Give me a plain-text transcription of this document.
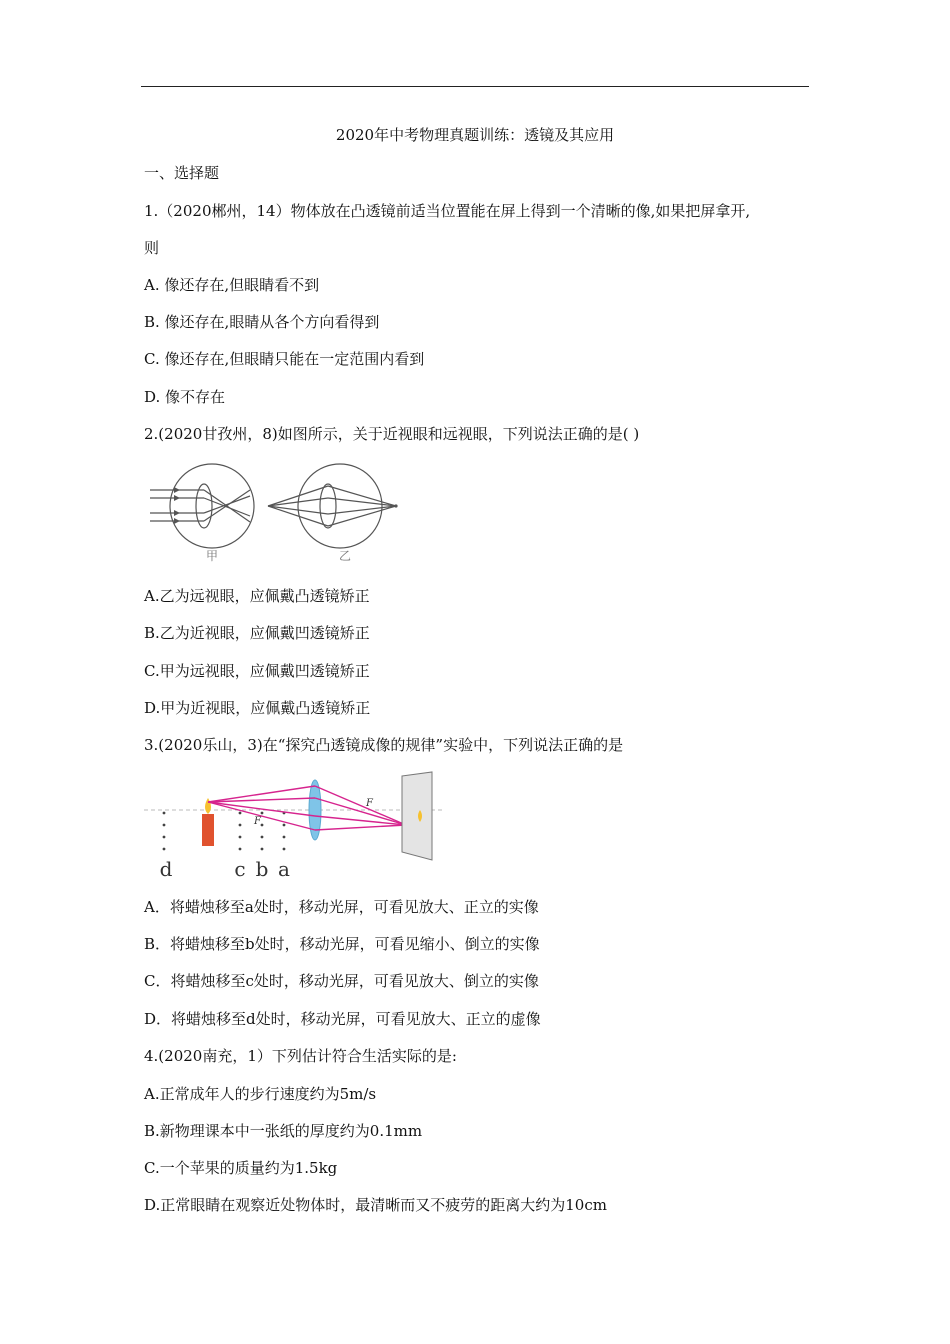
2020年中考物理真题训练：透镜及其应用
一、选择题
1.（2020郴州，14）物体放在凸透镜前适当位置能在屏上得到一个清晰的像,如果把屏拿开,
则
A. 像还存在,但眼睛看不到
B. 像还存在,眼睛从各个方向看得到
C. 像还存在,但眼睛只能在一定范围内看到
D. 像不存在
2.(2020甘孜州，8)如图所示，关于近视眼和远视眼，下列说法正确的是( )
甲	乙
A.乙为远视眼，应佩戴凸透镜矫正
B.乙为近视眼，应佩戴凹透镜矫正
C.甲为远视眼，应佩戴凹透镜矫正
D.甲为近视眼，应佩戴凸透镜矫正
3.(2020乐山，3)在“探究凸透镜成像的规律”实验中，下列说法正确的是
F
F
d	c b a
A．将蜡烛移至a处时，移动光屏，可看见放大、正立的实像
B．将蜡烛移至b处时，移动光屏，可看见缩小、倒立的实像
C．将蜡烛移至c处时，移动光屏，可看见放大、倒立的实像
D．将蜡烛移至d处时，移动光屏，可看见放大、正立的虚像
4.(2020南充，1）下列估计符合生活实际的是:
A.正常成年人的步行速度约为5m/s
B.新物理课本中一张纸的厚度约为0.1mm
C.一个苹果的质量约为1.5kg
D.正常眼睛在观察近处物体时，最清晰而又不疲劳的距离大约为10cm
